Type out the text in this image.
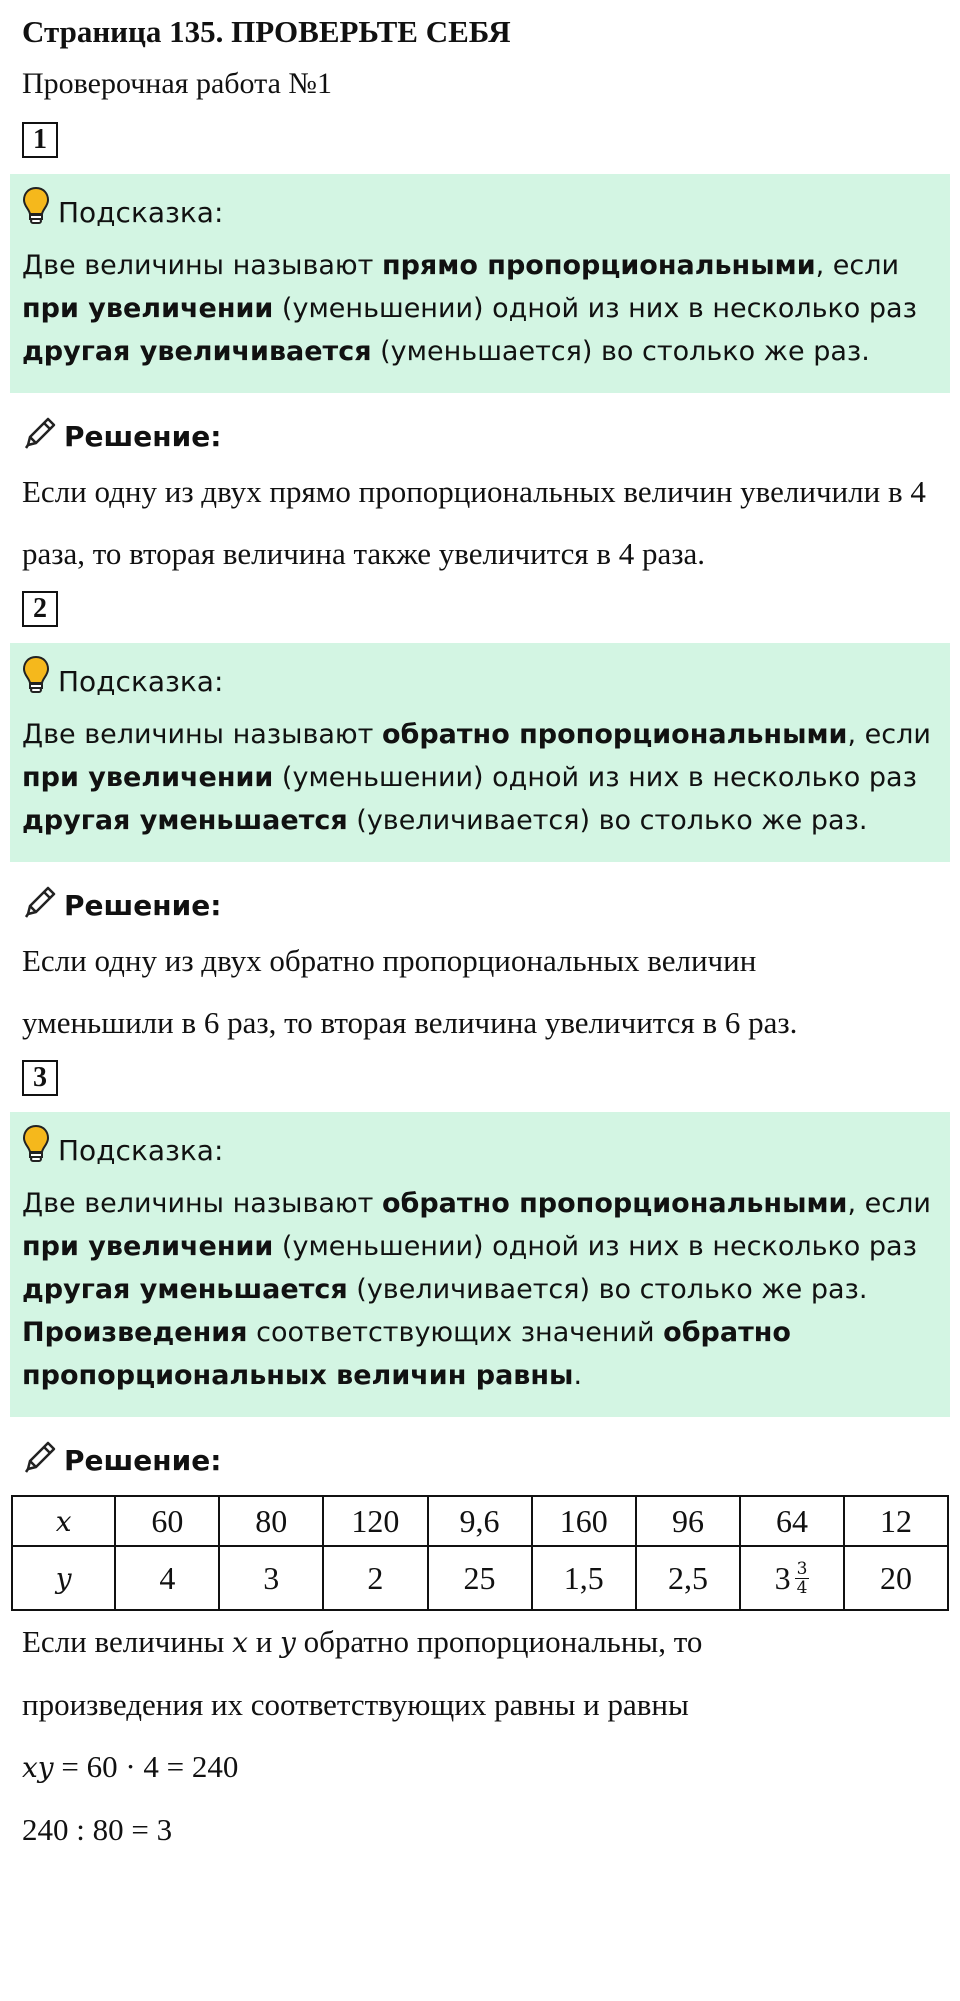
Страница 135. ПРОВЕРЬТЕ СЕБЯ

Проверочная работа №1

1
Подсказка:

Две величины называют прямо пропорциональными, если при увеличении (уменьшении) одной из них в несколько раз другая увеличивается (уменьшается) во столько же раз.

Решение:

Если одну из двух прямо пропорциональных величин увеличили в 4 раза, то вторая величина также увеличится в 4 раза.

2
Подсказка:

Две величины называют обратно пропорциональными, если при увеличении (уменьшении) одной из них в несколько раз другая уменьшается (увеличивается) во столько же раз.

Решение:

Если одну из двух обратно пропорциональных величин
уменьшили в 6 раз, то вторая величина увеличится в 6 раз.

3
Подсказка:

Две величины называют обратно пропорциональными, если при увеличении (уменьшении) одной из них в несколько раз другая уменьшается (увеличивается) во столько же раз. Произведения соответствующих значений обратно пропорциональных величин равны.

Решение:
x	60	80	120	9,6	160	96	64	12
y	4	3	2	25	1,5	2,5	$3 \frac{3}{4}$	20

Если величины x и y обратно пропорциональны, то
произведения их соответствующих равны и равны
xy = 60 · 4 = 240
240 : 80 = 3
